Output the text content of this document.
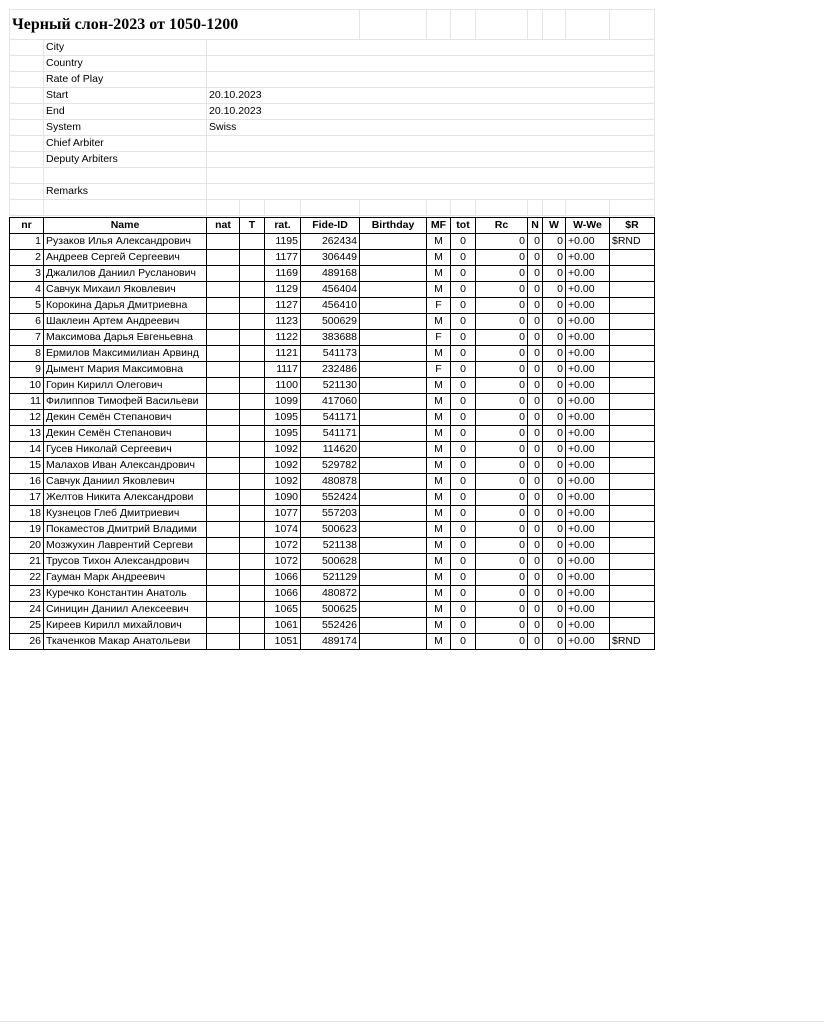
Черный слон-2023 от 1050-1200													
	City												
	Country												
	Rate of Play												
	Start	20.10.2023											
	End	20.10.2023											
	System	Swiss											
	Chief Arbiter												
	Deputy Arbiters												

	Remarks												

nr	Name	nat	T	rat.	Fide-ID	Birthday	MF	tot	Rc	N	W	W-We	$R
1	Рузаков Илья Александрович			1195	262434		M	0	0	0	0	+0.00	$RND
2	Андреев Сергей Сергеевич			1177	306449		M	0	0	0	0	+0.00	
3	Джалилов Даниил Русланович			1169	489168		M	0	0	0	0	+0.00	
4	Савчук Михаил Яковлевич			1129	456404		M	0	0	0	0	+0.00	
5	Корокина Дарья Дмитриевна			1127	456410		F	0	0	0	0	+0.00	
6	Шаклеин Артем Андреевич			1123	500629		M	0	0	0	0	+0.00	
7	Максимова Дарья Евгеньевна			1122	383688		F	0	0	0	0	+0.00	
8	Ермилов Максимилиан Арвинд			1121	541173		M	0	0	0	0	+0.00	
9	Дымент Мария Максимовна			1117	232486		F	0	0	0	0	+0.00	
10	Горин Кирилл Олегович			1100	521130		M	0	0	0	0	+0.00	
11	Филиппов Тимофей Васильеви			1099	417060		M	0	0	0	0	+0.00	
12	Декин Семён Степанович			1095	541171		M	0	0	0	0	+0.00	
13	Декин Семён Степанович			1095	541171		M	0	0	0	0	+0.00	
14	Гусев Николай Сергеевич			1092	114620		M	0	0	0	0	+0.00	
15	Малахов Иван Александрович			1092	529782		M	0	0	0	0	+0.00	
16	Савчук Даниил Яковлевич			1092	480878		M	0	0	0	0	+0.00	
17	Желтов Никита Александрови			1090	552424		M	0	0	0	0	+0.00	
18	Кузнецов Глеб Дмитриевич			1077	557203		M	0	0	0	0	+0.00	
19	Покаместов Дмитрий Владими			1074	500623		M	0	0	0	0	+0.00	
20	Мозжухин Лаврентий Сергеви			1072	521138		M	0	0	0	0	+0.00	
21	Трусов Тихон Александрович			1072	500628		M	0	0	0	0	+0.00	
22	Гауман Марк Андреевич			1066	521129		M	0	0	0	0	+0.00	
23	Куречко Константин Анатоль			1066	480872		M	0	0	0	0	+0.00	
24	Синицин Даниил Алексеевич			1065	500625		M	0	0	0	0	+0.00	
25	Киреев Кирилл михайлович			1061	552426		M	0	0	0	0	+0.00	
26	Ткаченков Макар Анатольеви			1051	489174		M	0	0	0	0	+0.00	$RND
